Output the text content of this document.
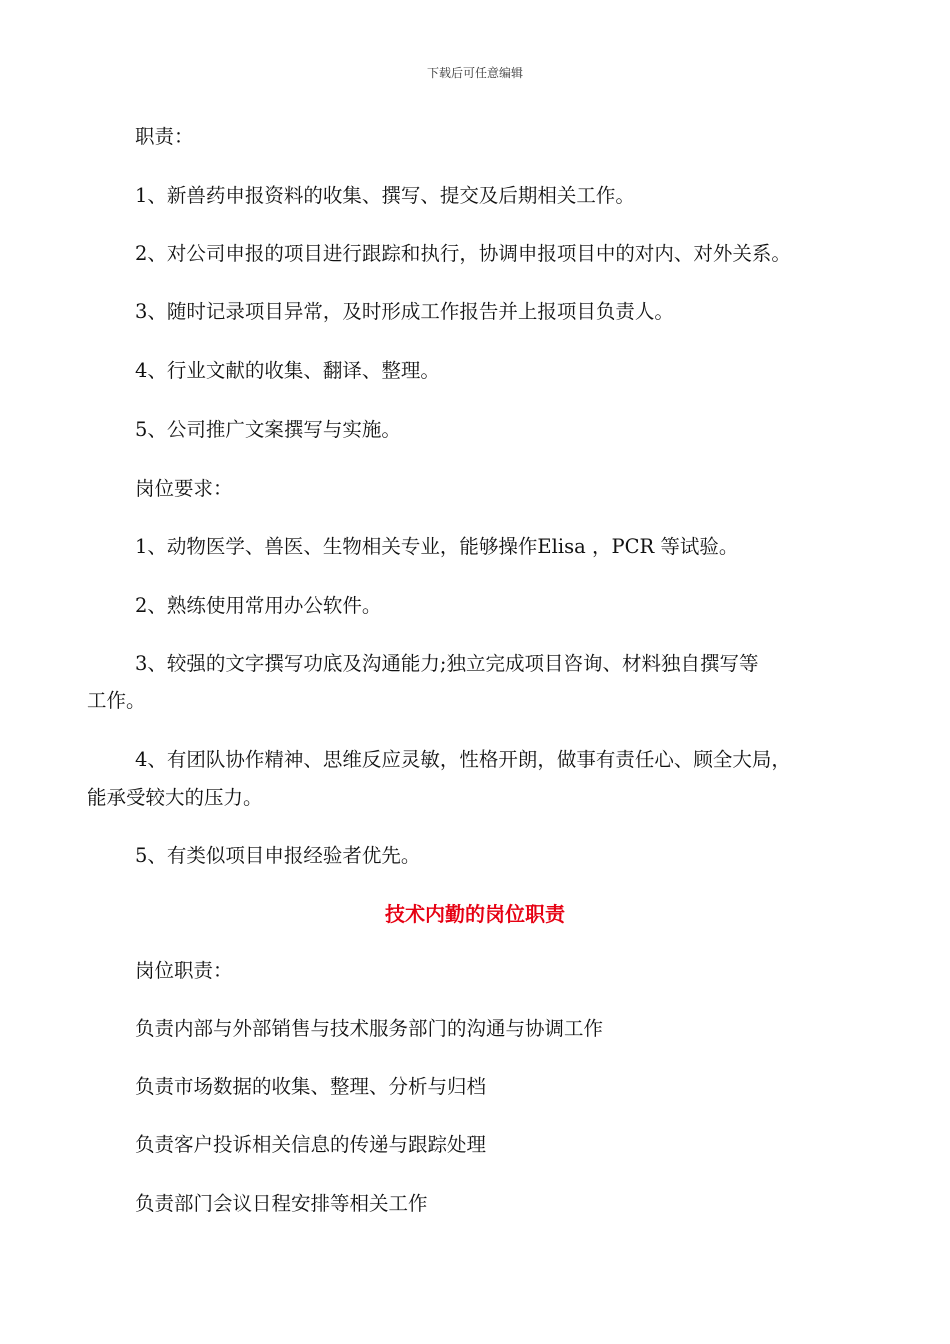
下载后可任意编辑
职责：
1、新兽药申报资料的收集、撰写、提交及后期相关工作。
2、对公司申报的项目进行跟踪和执行，协调申报项目中的对内、对外关系。
3、随时记录项目异常，及时形成工作报告并上报项目负责人。
4、行业文献的收集、翻译、整理。
5、公司推广文案撰写与实施。
岗位要求：
1、动物医学、兽医、生物相关专业，能够操作Elisa ，PCR 等试验。
2、熟练使用常用办公软件。
3、较强的文字撰写功底及沟通能力;独立完成项目咨询、材料独自撰写等
工作。
4、有团队协作精神、思维反应灵敏，性格开朗，做事有责任心、顾全大局，
能承受较大的压力。
5、有类似项目申报经验者优先。
技术内勤的岗位职责
岗位职责：
负责内部与外部销售与技术服务部门的沟通与协调工作
负责市场数据的收集、整理、分析与归档
负责客户投诉相关信息的传递与跟踪处理
负责部门会议日程安排等相关工作
